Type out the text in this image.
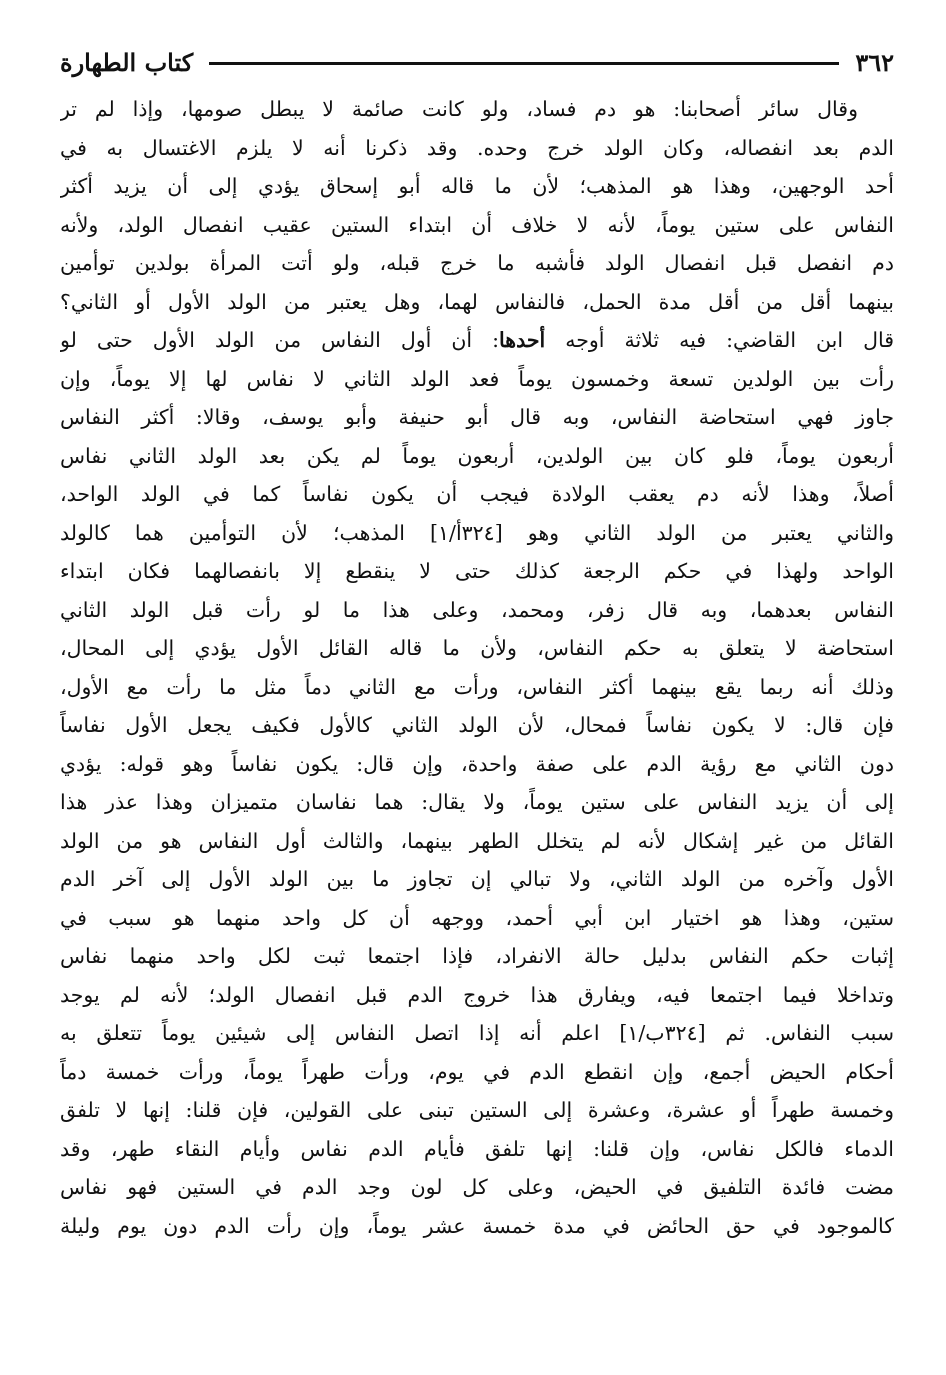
٣٦٢
كتاب الطهارة
وقال سائر أصحابنا: هو دم فساد، ولو كانت صائمة لا يبطل صومها، وإذا لم تر
الدم بعد انفصاله، وكان الولد خرج وحده. وقد ذكرنا أنه لا يلزم الاغتسال به في
أحد الوجهين، وهذا هو المذهب؛ لأن ما قاله أبو إسحاق يؤدي إلى أن يزيد أكثر
النفاس على ستين يوماً، لأنه لا خلاف أن ابتداء الستين عقيب انفصال الولد، ولأنه
دم انفصل قبل انفصال الولد فأشبه ما خرج قبله، ولو أتت المرأة بولدين توأمين
بينهما أقل من أقل مدة الحمل، فالنفاس لهما، وهل يعتبر من الولد الأول أو الثاني؟
قال ابن القاضي: فيه ثلاثة أوجه أحدها: أن أول النفاس من الولد الأول حتى لو
رأت بين الولدين تسعة وخمسون يوماً فعد الولد الثاني لا نفاس لها إلا يوماً، وإن
جاوز فهي استحاضة النفاس، وبه قال أبو حنيفة وأبو يوسف، وقالا: أكثر النفاس
أربعون يوماً، فلو كان بين الولدين، أربعون يوماً لم يكن بعد الولد الثاني نفاس
أصلاً، وهذا لأنه دم يعقب الولادة فيجب أن يكون نفاساً كما في الولد الواحد،
والثاني يعتبر من الولد الثاني وهو [٣٢٤أ/١] المذهب؛ لأن التوأمين هما كالولد
الواحد ولهذا في حكم الرجعة كذلك حتى لا ينقطع إلا بانفصالهما فكان ابتداء
النفاس بعدهما، وبه قال زفر، ومحمد، وعلى هذا ما لو رأت قبل الولد الثاني
استحاضة لا يتعلق به حكم النفاس، ولأن ما قاله القائل الأول يؤدي إلى المحال،
وذلك أنه ربما يقع بينهما أكثر النفاس، ورأت مع الثاني دماً مثل ما رأت مع الأول،
فإن قال: لا يكون نفاساً فمحال، لأن الولد الثاني كالأول فكيف يجعل الأول نفاساً
دون الثاني مع رؤية الدم على صفة واحدة، وإن قال: يكون نفاساً وهو قوله: يؤدي
إلى أن يزيد النفاس على ستين يوماً، ولا يقال: هما نفاسان متميزان وهذا عذر هذا
القائل من غير إشكال لأنه لم يتخلل الطهر بينهما، والثالث أول النفاس هو من الولد
الأول وآخره من الولد الثاني، ولا تبالي إن تجاوز ما بين الولد الأول إلى آخر الدم
ستين، وهذا هو اختيار ابن أبي أحمد، ووجهه أن كل واحد منهما هو سبب في
إثبات حكم النفاس بدليل حالة الانفراد، فإذا اجتمعا ثبت لكل واحد منهما نفاس
وتداخلا فيما اجتمعا فيه، ويفارق هذا خروج الدم قبل انفصال الولد؛ لأنه لم يوجد
سبب النفاس. ثم [٣٢٤ب/١] اعلم أنه إذا اتصل النفاس إلى شيئين يوماً تتعلق به
أحكام الحيض أجمع، وإن انقطع الدم في يوم، ورأت طهراً يوماً، ورأت خمسة دماً
وخمسة طهراً أو عشرة، وعشرة إلى الستين تبنى على القولين، فإن قلنا: إنها لا تلفق
الدماء فالكل نفاس، وإن قلنا: إنها تلفق فأيام الدم نفاس وأيام النقاء طهر، وقد
مضت فائدة التلفيق في الحيض، وعلى كل لون وجد الدم في الستين فهو نفاس
كالموجود في حق الحائض في مدة خمسة عشر يوماً، وإن رأت الدم دون يوم وليلة
